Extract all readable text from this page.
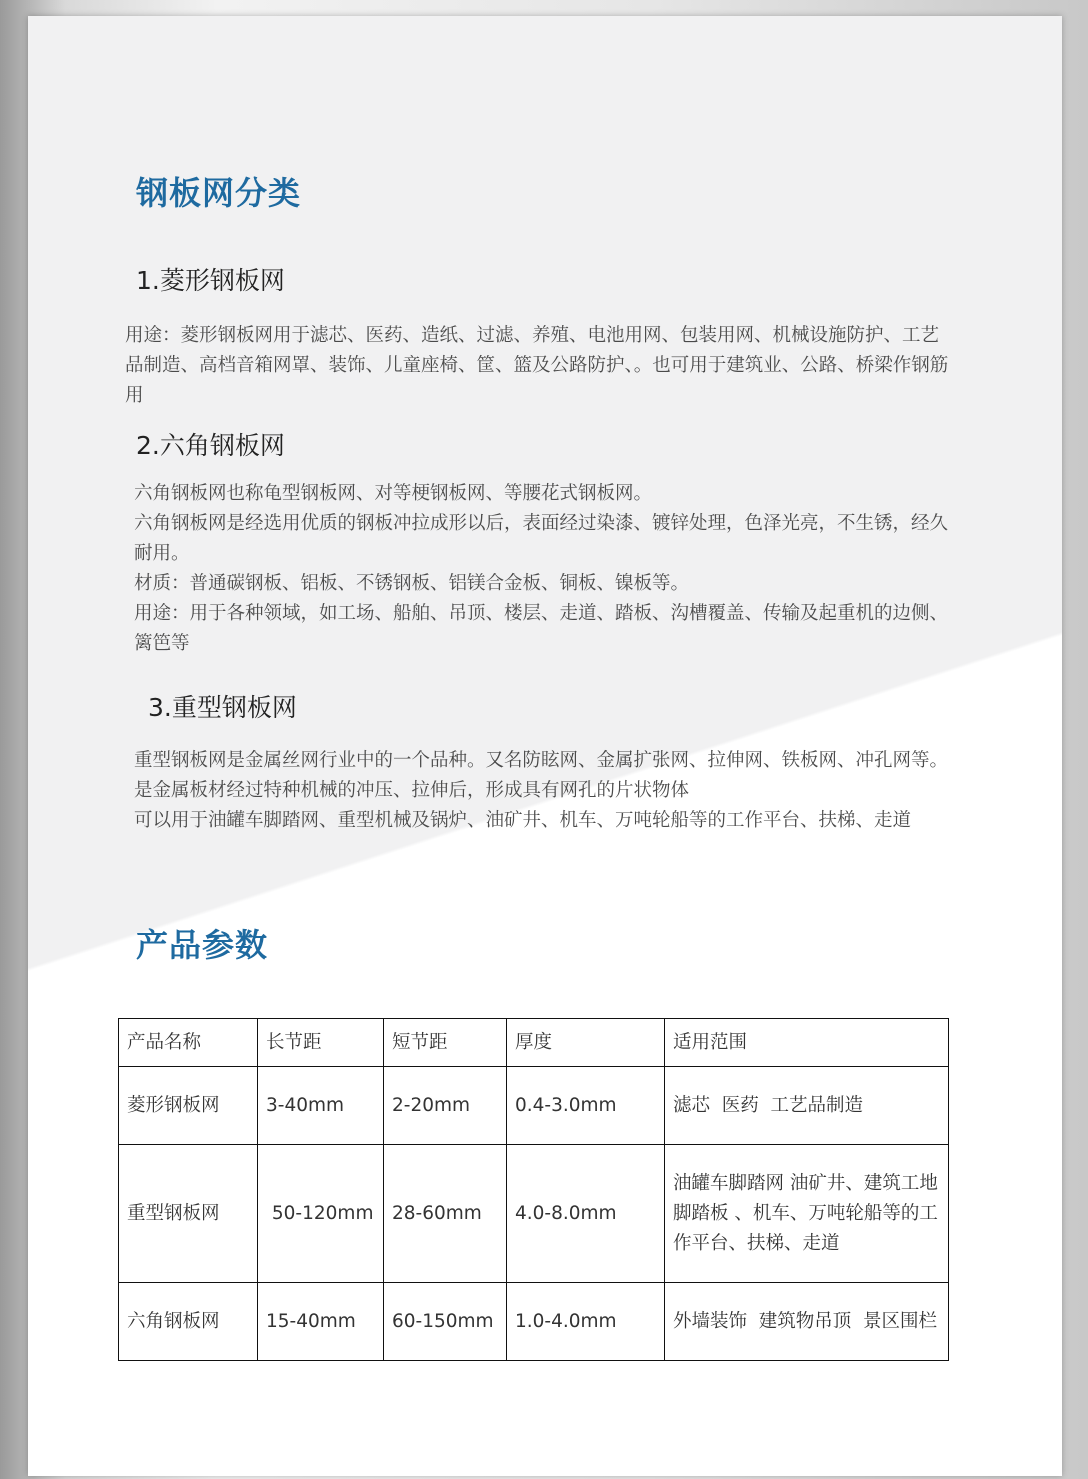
钢板网分类
1.菱形钢板网

用途：菱形钢板网用于滤芯、医药、造纸、过滤、养殖、电池用网、包装用网、机械设施防护、工艺品制造、高档音箱网罩、装饰、儿童座椅、筐、篮及公路防护、。也可用于建筑业、公路、桥梁作钢筋用

2.六角钢板网

六角钢板网也称龟型钢板网、对等梗钢板网、等腰花式钢板网。

六角钢板网是经选用优质的钢板冲拉成形以后，表面经过染漆、镀锌处理，色泽光亮，不生锈，经久耐用。

材质：普通碳钢板、铝板、不锈钢板、铝镁合金板、铜板、镍板等。

用途：用于各种领域，如工场、船舶、吊顶、楼层、走道、踏板、沟槽覆盖、传输及起重机的边侧、篱笆等

3.重型钢板网

重型钢板网是金属丝网行业中的一个品种。又名防眩网、金属扩张网、拉伸网、铁板网、冲孔网等。是金属板材经过特种机械的冲压、拉伸后，形成具有网孔的片状物体

可以用于油罐车脚踏网、重型机械及锅炉、油矿井、机车、万吨轮船等的工作平台、扶梯、走道

产品参数
产品名称	长节距	短节距	厚度	适用范围
菱形钢板网	3-40mm	2-20mm	0.4-3.0mm	滤芯  医药  工艺品制造
重型钢板网	50-120mm	28-60mm	4.0-8.0mm	油罐车脚踏网 油矿井、建筑工地 脚踏板 、机车、万吨轮船等的工作平台、扶梯、走道
六角钢板网	15-40mm	60-150mm	1.0-4.0mm	外墙装饰  建筑物吊顶  景区围栏
